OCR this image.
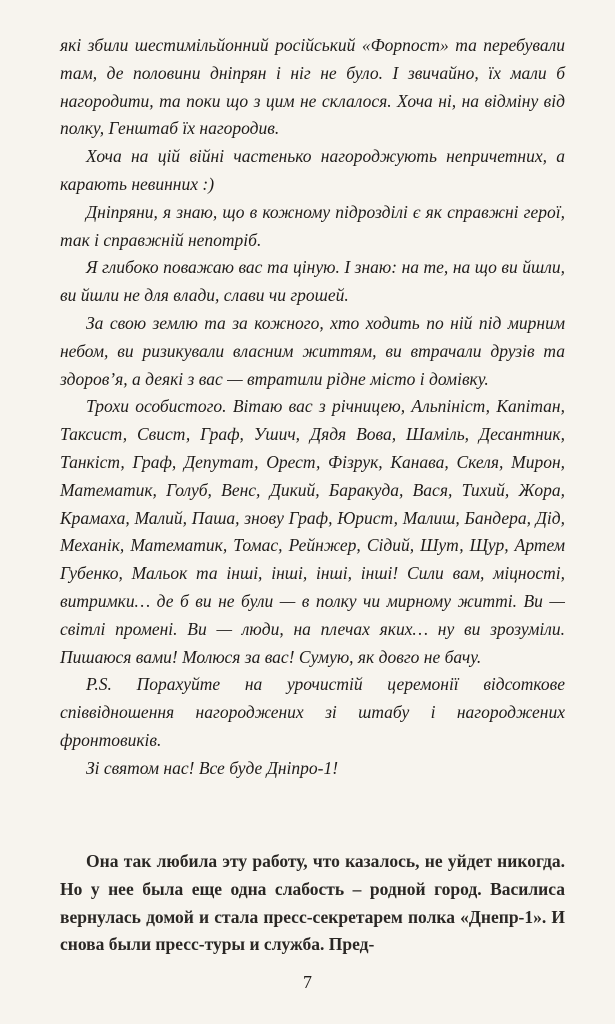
які збили шестимільйонний російський «Форпост» та перебували там, де половини дніпрян і ніг не було. І звичайно, їх мали б нагородити, та поки що з цим не склалося. Хоча ні, на відміну від полку, Генштаб їх нагородив.

Хоча на цій війні частенько нагороджують непричетних, а карають невинних :)

Дніпряни, я знаю, що в кожному підрозділі є як справжні герої, так і справжній непотріб.

Я глибоко поважаю вас та ціную. І знаю: на те, на що ви йшли, ви йшли не для влади, слави чи грошей.

За свою землю та за кожного, хто ходить по ній під мирним небом, ви ризикували власним життям, ви втрачали друзів та здоров’я, а деякі з вас — втратили рідне місто і домівку.

Трохи особистого. Вітаю вас з річницею, Альпініст, Капітан, Таксист, Свист, Граф, Ушич, Дядя Вова, Шаміль, Десантник, Танкіст, Граф, Депутат, Орест, Фізрук, Канава, Скеля, Мирон, Математик, Голуб, Венс, Дикий, Баракуда, Вася, Тихий, Жора, Крамаха, Малий, Паша, знову Граф, Юрист, Малиш, Бандера, Дід, Механік, Математик, Томас, Рейнжер, Сідий, Шут, Щур, Артем Губенко, Мальок та інші, інші, інші, інші! Сили вам, міцності, витримки… де б ви не були — в полку чи мирному житті. Ви — світлі промені. Ви — люди, на плечах яких… ну ви зрозуміли. Пишаюся вами! Молюся за вас! Сумую, як довго не бачу.

P.S. Порахуйте на урочистій церемонії відсоткове співвідношення нагороджених зі штабу і нагороджених фронтовиків.

Зі святом нас! Все буде Дніпро-1!

Она так любила эту работу, что казалось, не уйдет никогда. Но у нее была еще одна слабость – родной город. Василиса вернулась домой и стала пресс-секретарем полка «Днепр-1». И снова были пресс-туры и служба. Пред-

7
